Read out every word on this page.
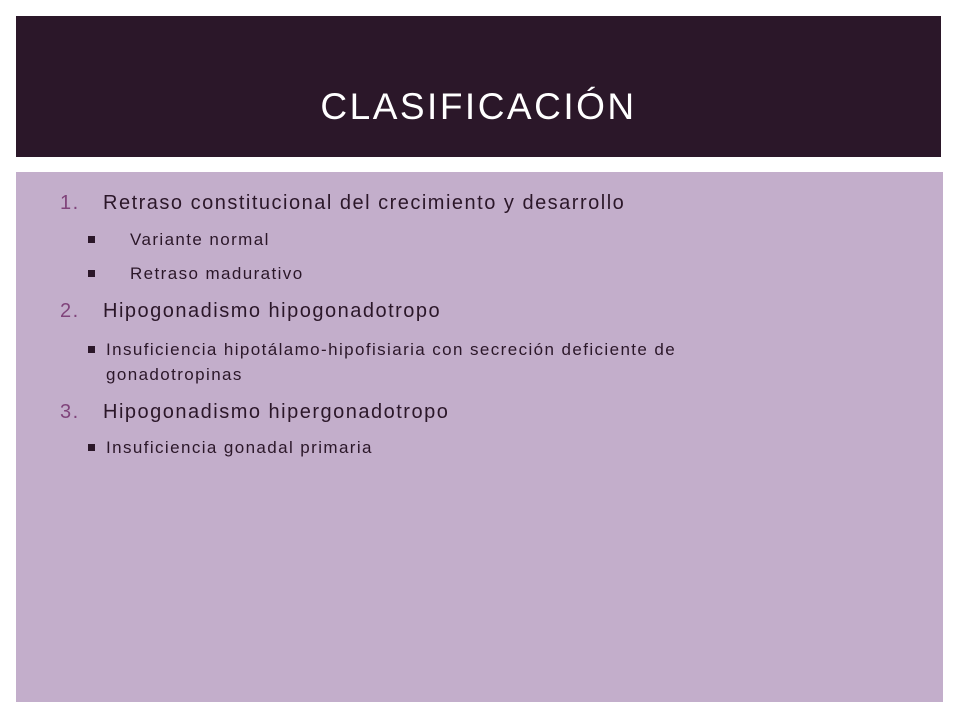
CLASIFICACIÓN
1. Retraso constitucional del crecimiento y desarrollo
Variante normal
Retraso madurativo
2. Hipogonadismo hipogonadotropo
Insuficiencia hipotálamo-hipofisiaria con secreción deficiente de
gonadotropinas
3. Hipogonadismo hipergonadotropo
Insuficiencia gonadal primaria
